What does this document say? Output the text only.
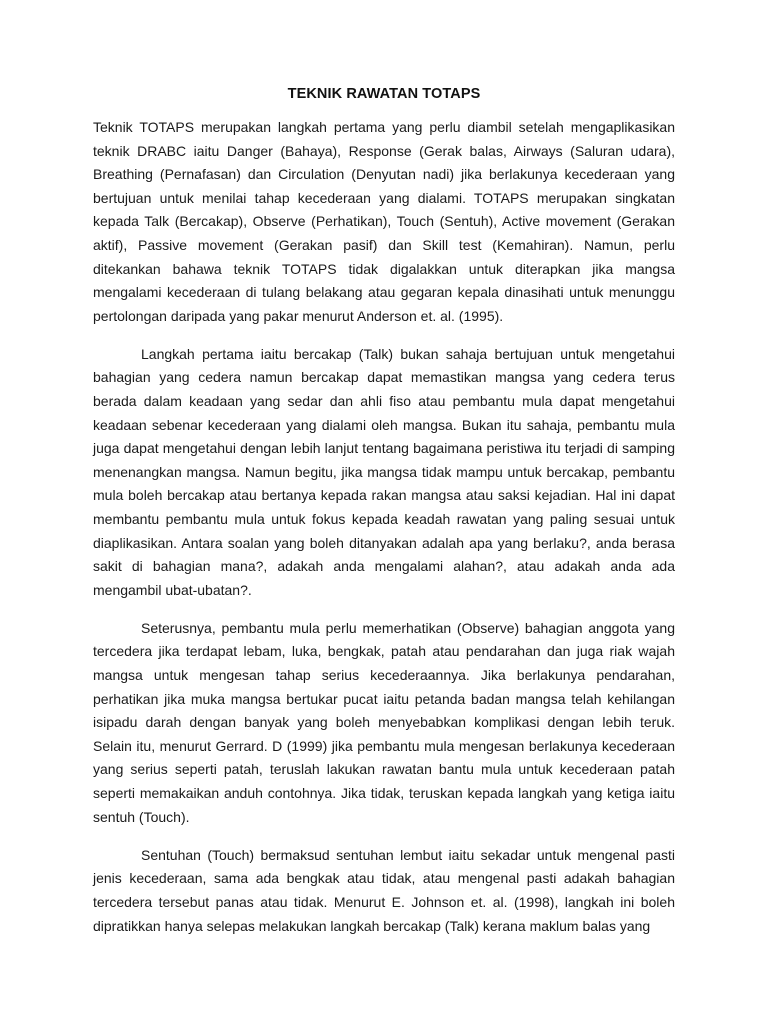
TEKNIK RAWATAN TOTAPS

Teknik TOTAPS merupakan langkah pertama yang perlu diambil setelah mengaplikasikan teknik DRABC iaitu Danger (Bahaya), Response (Gerak balas, Airways (Saluran udara), Breathing (Pernafasan) dan Circulation (Denyutan nadi) jika berlakunya kecederaan yang bertujuan untuk menilai tahap kecederaan yang dialami. TOTAPS merupakan singkatan kepada Talk (Bercakap), Observe (Perhatikan), Touch (Sentuh), Active movement (Gerakan aktif), Passive movement (Gerakan pasif) dan Skill test (Kemahiran). Namun, perlu ditekankan bahawa teknik TOTAPS tidak digalakkan untuk diterapkan jika mangsa mengalami kecederaan di tulang belakang atau gegaran kepala dinasihati untuk menunggu pertolongan daripada yang pakar menurut Anderson et. al. (1995).

Langkah pertama iaitu bercakap (Talk) bukan sahaja bertujuan untuk mengetahui bahagian yang cedera namun bercakap dapat memastikan mangsa yang cedera terus berada dalam keadaan yang sedar dan ahli fiso atau pembantu mula dapat mengetahui keadaan sebenar kecederaan yang dialami oleh mangsa. Bukan itu sahaja, pembantu mula juga dapat mengetahui dengan lebih lanjut tentang bagaimana peristiwa itu terjadi di samping menenangkan mangsa. Namun begitu, jika mangsa tidak mampu untuk bercakap, pembantu mula boleh bercakap atau bertanya kepada rakan mangsa atau saksi kejadian. Hal ini dapat membantu pembantu mula untuk fokus kepada keadah rawatan yang paling sesuai untuk diaplikasikan. Antara soalan yang boleh ditanyakan adalah apa yang berlaku?, anda berasa sakit di bahagian mana?, adakah anda mengalami alahan?, atau adakah anda ada mengambil ubat-ubatan?.

Seterusnya, pembantu mula perlu memerhatikan (Observe) bahagian anggota yang tercedera jika terdapat lebam, luka, bengkak, patah atau pendarahan dan juga riak wajah mangsa untuk mengesan tahap serius kecederaannya. Jika berlakunya pendarahan, perhatikan jika muka mangsa bertukar pucat iaitu petanda badan mangsa telah kehilangan isipadu darah dengan banyak yang boleh menyebabkan komplikasi dengan lebih teruk. Selain itu, menurut Gerrard. D (1999) jika pembantu mula mengesan berlakunya kecederaan yang serius seperti patah, teruslah lakukan rawatan bantu mula untuk kecederaan patah seperti memakaikan anduh contohnya. Jika tidak, teruskan kepada langkah yang ketiga iaitu sentuh (Touch).

Sentuhan (Touch) bermaksud sentuhan lembut iaitu sekadar untuk mengenal pasti jenis kecederaan, sama ada bengkak atau tidak, atau mengenal pasti adakah bahagian tercedera tersebut panas atau tidak. Menurut E. Johnson et. al. (1998), langkah ini boleh dipratikkan hanya selepas melakukan langkah bercakap (Talk) kerana maklum balas yang
